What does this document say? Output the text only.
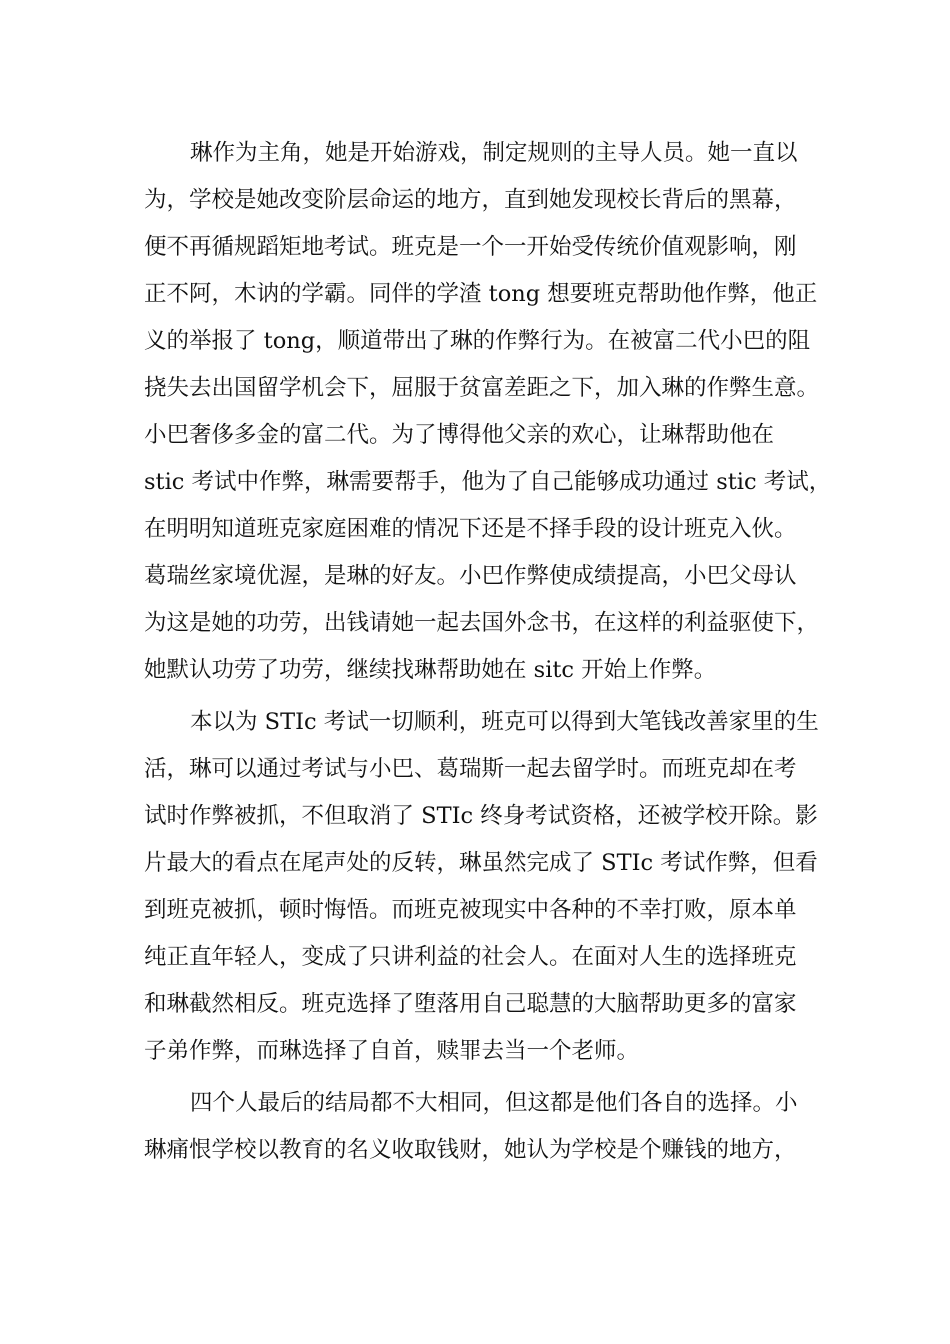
琳作为主角，她是开始游戏，制定规则的主导人员。她一直以
为，学校是她改变阶层命运的地方，直到她发现校长背后的黑幕，
便不再循规蹈矩地考试。班克是一个一开始受传统价值观影响，刚
正不阿，木讷的学霸。同伴的学渣 tong 想要班克帮助他作弊，他正
义的举报了 tong，顺道带出了琳的作弊行为。在被富二代小巴的阻
挠失去出国留学机会下，屈服于贫富差距之下，加入琳的作弊生意。
小巴奢侈多金的富二代。为了博得他父亲的欢心，让琳帮助他在
stic 考试中作弊，琳需要帮手，他为了自己能够成功通过 stic 考试，
在明明知道班克家庭困难的情况下还是不择手段的设计班克入伙。
葛瑞丝家境优渥，是琳的好友。小巴作弊使成绩提高，小巴父母认
为这是她的功劳，出钱请她一起去国外念书，在这样的利益驱使下，
她默认功劳了功劳，继续找琳帮助她在 sitc 开始上作弊。
本以为 STIc 考试一切顺利，班克可以得到大笔钱改善家里的生
活，琳可以通过考试与小巴、葛瑞斯一起去留学时。而班克却在考
试时作弊被抓，不但取消了 STIc 终身考试资格，还被学校开除。影
片最大的看点在尾声处的反转，琳虽然完成了 STIc 考试作弊，但看
到班克被抓，顿时悔悟。而班克被现实中各种的不幸打败，原本单
纯正直年轻人，变成了只讲利益的社会人。在面对人生的选择班克
和琳截然相反。班克选择了堕落用自己聪慧的大脑帮助更多的富家
子弟作弊，而琳选择了自首，赎罪去当一个老师。
四个人最后的结局都不大相同，但这都是他们各自的选择。小
琳痛恨学校以教育的名义收取钱财，她认为学校是个赚钱的地方，
